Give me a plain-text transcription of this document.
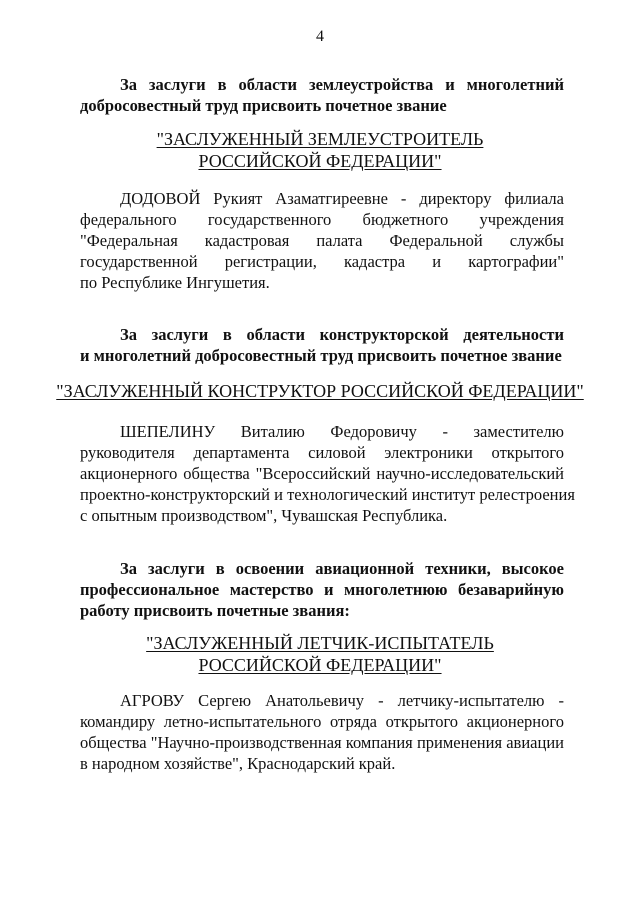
4
За заслуги в области землеустройства и многолетний
добросовестный труд присвоить почетное звание
"ЗАСЛУЖЕННЫЙ ЗЕМЛЕУСТРОИТЕЛЬ
РОССИЙСКОЙ ФЕДЕРАЦИИ"
ДОДОВОЙ Рукият Азаматгиреевне - директору филиала
федерального государственного бюджетного учреждения
"Федеральная кадастровая палата Федеральной службы
государственной регистрации, кадастра и картографии"
по Республике Ингушетия.
За заслуги в области конструкторской деятельности
и многолетний добросовестный труд присвоить почетное звание
"ЗАСЛУЖЕННЫЙ КОНСТРУКТОР РОССИЙСКОЙ ФЕДЕРАЦИИ"
ШЕПЕЛИНУ Виталию Федоровичу - заместителю
руководителя департамента силовой электроники открытого
акционерного общества "Всероссийский научно-исследовательский
проектно-конструкторский и технологический институт релестроения
с опытным производством", Чувашская Республика.
За заслуги в освоении авиационной техники, высокое
профессиональное мастерство и многолетнюю безаварийную
работу присвоить почетные звания:
"ЗАСЛУЖЕННЫЙ ЛЕТЧИК-ИСПЫТАТЕЛЬ
РОССИЙСКОЙ ФЕДЕРАЦИИ"
АГРОВУ Сергею Анатольевичу - летчику-испытателю -
командиру летно-испытательного отряда открытого акционерного
общества "Научно-производственная компания применения авиации
в народном хозяйстве", Краснодарский край.
